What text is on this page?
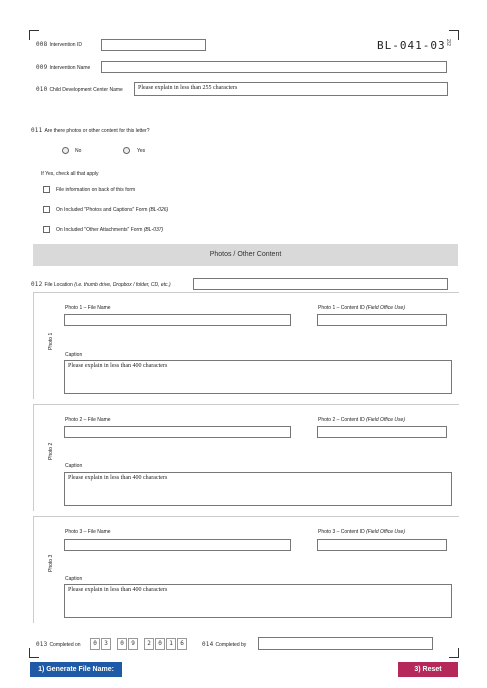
BL-041-03 2/2
008 Intervention ID
009 Intervention Name
010 Child Development Center Name	Please explain in less than 255 characters
011 Are there photos or other content for this letter?
No	Yes
If Yes, check all that apply
File information on back of this form
On Included "Photos and Captions" Form (BL-026)
On Included "Other Attachments" Form (BL-037)
Photos / Other Content
012 File Location (i.e. thumb drive, Dropbox / folder, CD, etc.)
Photo 1
Photo 1 – File Name	Photo 1 – Content ID (Field Office Use)
Caption
Please explain in less than 400 characters
Photo 2
Photo 2 – File Name	Photo 2 – Content ID (Field Office Use)
Caption
Please explain in less than 400 characters
Photo 3
Photo 3 – File Name	Photo 3 – Content ID (Field Office Use)
Caption
Please explain in less than 400 characters
013 Completed on	0	3	0	9	2	0	1	6	014 Completed by
1) Generate File Name:	3) Reset
